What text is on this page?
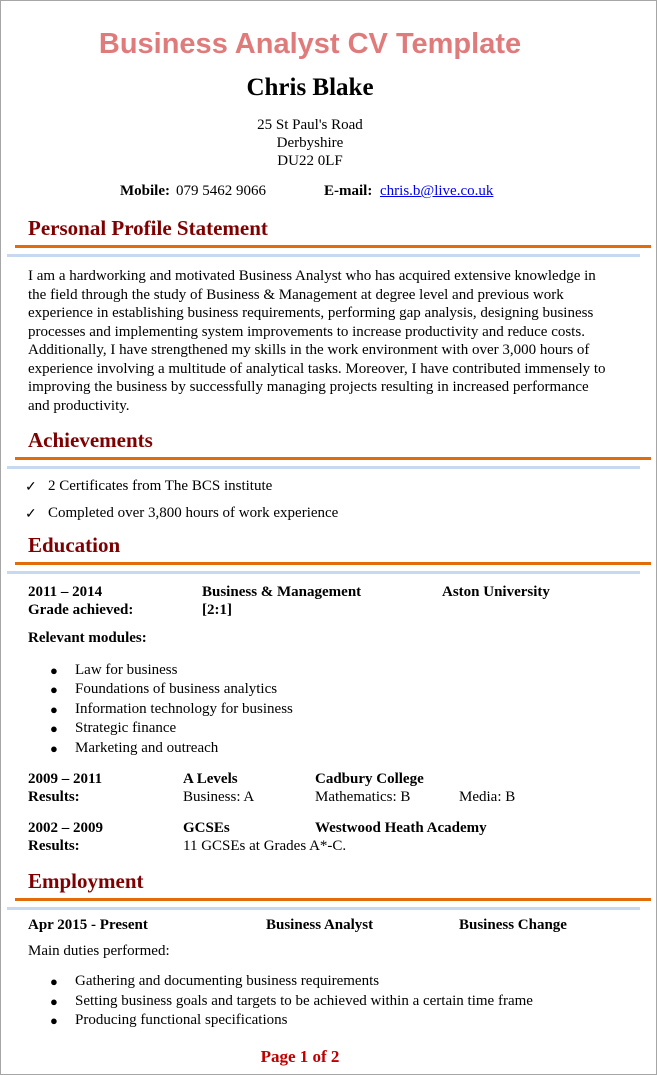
Business Analyst CV Template
Chris Blake
25 St Paul's Road
Derbyshire
DU22 0LF
Mobile: 079 5462 9066	E-mail: chris.b@live.co.uk
Personal Profile Statement
I am a hardworking and motivated Business Analyst who has acquired extensive knowledge in the field through the study of Business & Management at degree level and previous work experience in establishing business requirements, performing gap analysis, designing business processes and implementing system improvements to increase productivity and reduce costs. Additionally, I have strengthened my skills in the work environment with over 3,000 hours of experience involving a multitude of analytical tasks. Moreover, I have contributed immensely to improving the business by successfully managing projects resulting in increased performance and productivity.
Achievements
✓ 2 Certificates from The BCS institute
✓ Completed over 3,800 hours of work experience
Education
2011 – 2014	Business & Management	Aston University
Grade achieved:	[2:1]
Relevant modules:
● Law for business
● Foundations of business analytics
● Information technology for business
● Strategic finance
● Marketing and outreach
2009 – 2011	A Levels	Cadbury College
Results:	Business: A	Mathematics: B	Media: B
2002 – 2009	GCSEs	Westwood Heath Academy
Results:	11 GCSEs at Grades A*-C.
Employment
Apr 2015 - Present	Business Analyst	Business Change
Main duties performed:
● Gathering and documenting business requirements
● Setting business goals and targets to be achieved within a certain time frame
● Producing functional specifications
Page 1 of 2
